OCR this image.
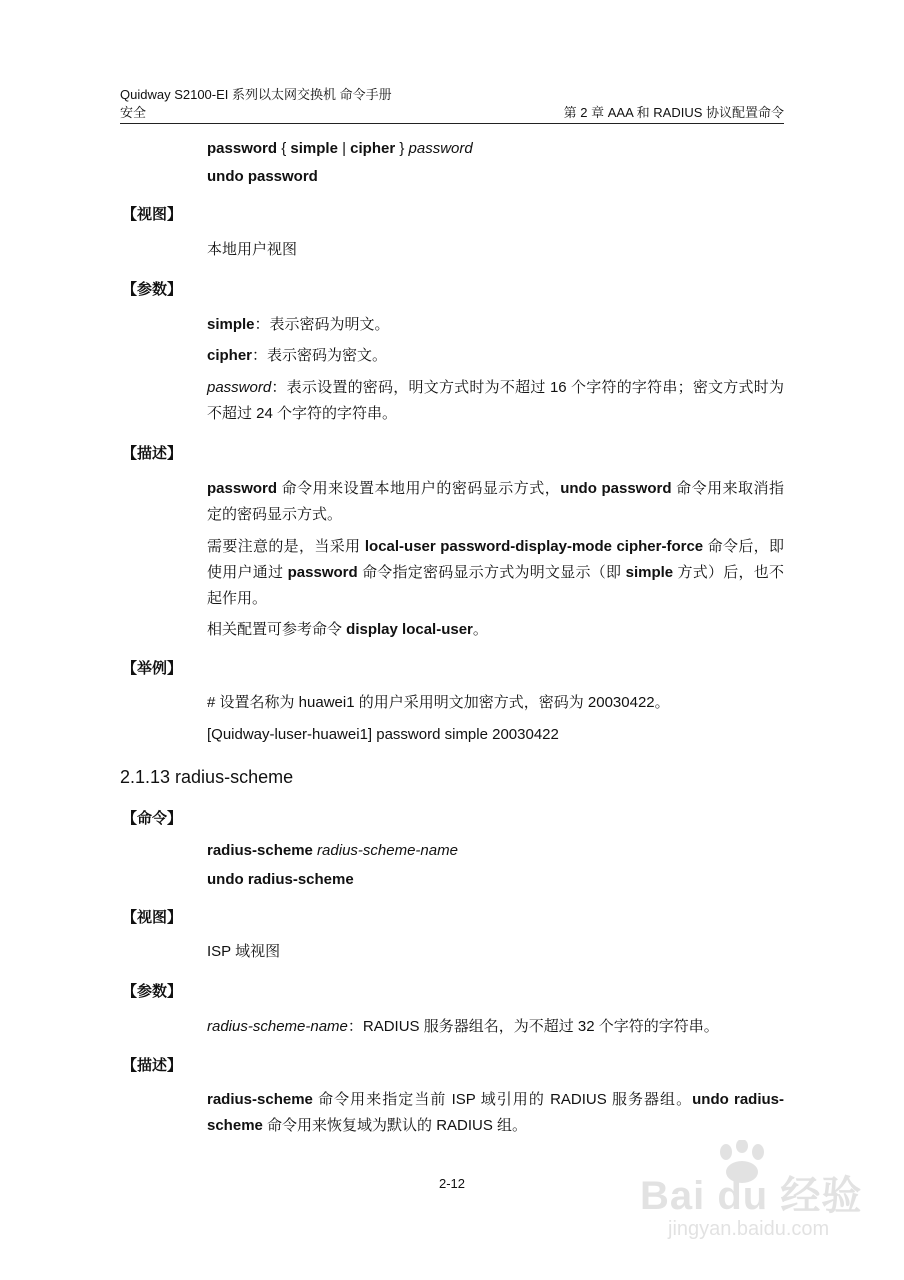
Quidway S2100-EI 系列以太网交换机 命令手册
安全	第 2 章 AAA 和 RADIUS 协议配置命令
password { simple | cipher } password
undo password
【视图】
本地用户视图
【参数】
simple：表示密码为明文。
cipher：表示密码为密文。
password：表示设置的密码，明文方式时为不超过 16 个字符的字符串；密文方式时为不超过 24 个字符的字符串。
【描述】
password 命令用来设置本地用户的密码显示方式，undo password 命令用来取消指定的密码显示方式。
需要注意的是，当采用 local-user password-display-mode cipher-force 命令后，即使用户通过 password 命令指定密码显示方式为明文显示（即 simple 方式）后，也不起作用。
相关配置可参考命令 display local-user。
【举例】
# 设置名称为 huawei1 的用户采用明文加密方式，密码为 20030422。
[Quidway-luser-huawei1] password simple 20030422
2.1.13 radius-scheme
【命令】
radius-scheme radius-scheme-name
undo radius-scheme
【视图】
ISP 域视图
【参数】
radius-scheme-name：RADIUS 服务器组名，为不超过 32 个字符的字符串。
【描述】
radius-scheme 命令用来指定当前 ISP 域引用的 RADIUS 服务器组。undo radius-scheme 命令用来恢复域为默认的 RADIUS 组。
2-12	Bai du 经验
jingyan.baidu.com
